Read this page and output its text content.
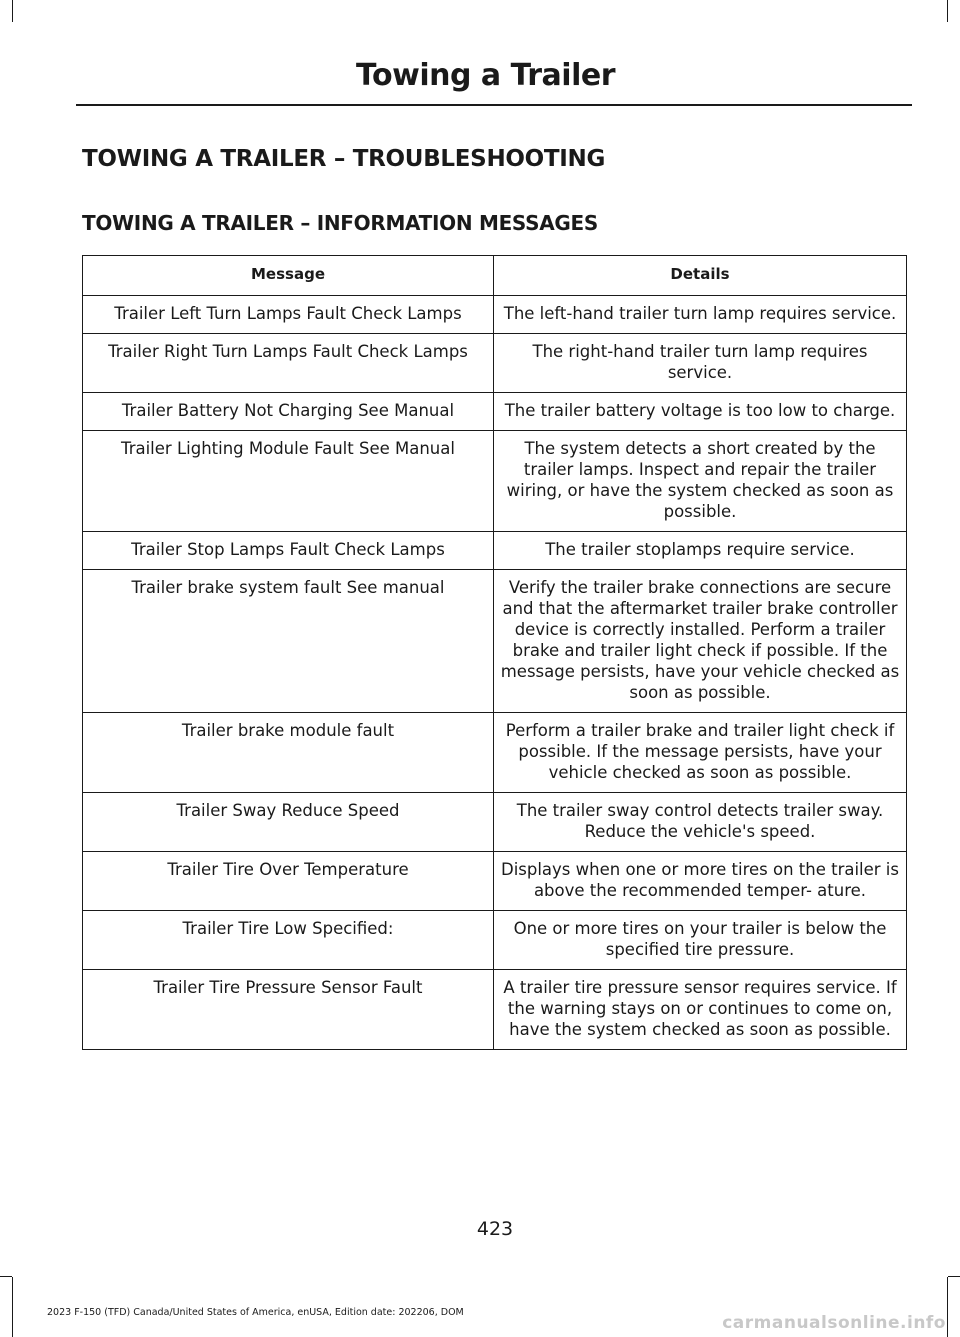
Towing a Trailer
TOWING A TRAILER – TROUBLESHOOTING
TOWING A TRAILER – INFORMATION MESSAGES
Message	Details
Trailer Left Turn Lamps Fault Check Lamps	The left-hand trailer turn lamp requires service.
Trailer Right Turn Lamps Fault Check Lamps	The right-hand trailer turn lamp requires service.
Trailer Battery Not Charging See Manual	The trailer battery voltage is too low to charge.
Trailer Lighting Module Fault See Manual	The system detects a short created by the trailer lamps. Inspect and repair the trailer wiring, or have the system checked as soon as possible.
Trailer Stop Lamps Fault Check Lamps	The trailer stoplamps require service.
Trailer brake system fault See manual	Verify the trailer brake connections are secure and that the aftermarket trailer brake controller device is correctly installed. Perform a trailer brake and trailer light check if possible. If the message persists, have your vehicle checked as soon as possible.
Trailer brake module fault	Perform a trailer brake and trailer light check if possible. If the message persists, have your vehicle checked as soon as possible.
Trailer Sway Reduce Speed	The trailer sway control detects trailer sway. Reduce the vehicle's speed.
Trailer Tire Over Temperature	Displays when one or more tires on the trailer is above the recommended temper- ature.
Trailer Tire Low Specified:	One or more tires on your trailer is below the specified tire pressure.
Trailer Tire Pressure Sensor Fault	A trailer tire pressure sensor requires service. If the warning stays on or continues to come on, have the system checked as soon as possible.
423
2023 F-150 (TFD) Canada/United States of America, enUSA, Edition date: 202206, DOM
carmanualsonline.info
